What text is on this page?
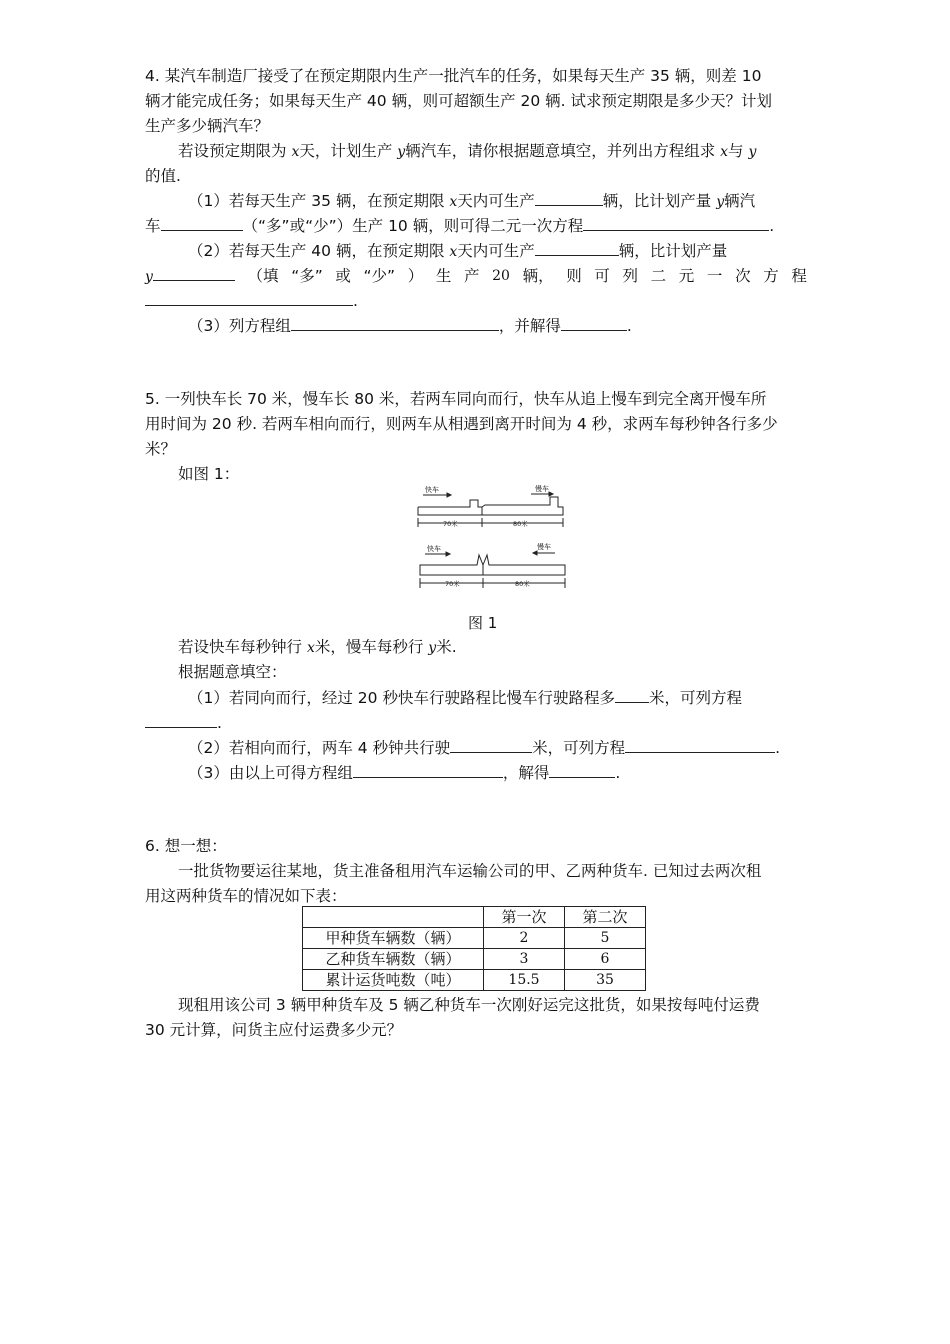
4. 某汽车制造厂接受了在预定期限内生产一批汽车的任务，如果每天生产 35 辆，则差 10
辆才能完成任务；如果每天生产 40 辆，则可超额生产 20 辆. 试求预定期限是多少天？计划
生产多少辆汽车？
若设预定期限为 x天，计划生产 y辆汽车，请你根据题意填空，并列出方程组求 x与 y
的值.
（1）若每天生产 35 辆，在预定期限 x天内可生产	辆，比计划产量 y辆汽
车	（“多”或“少”）生产 10 辆，则可得二元一次方程	.
（2）若每天生产 40 辆，在预定期限 x天内可生产	辆，比计划产量
y	（填 “多” 或 “少” ） 生 产 20 辆， 则 可 列 二 元 一 次 方 程
.
（3）列方程组	，并解得	.
5. 一列快车长 70 米，慢车长 80 米，若两车同向而行，快车从追上慢车到完全离开慢车所
用时间为 20 秒. 若两车相向而行，则两车从相遇到离开时间为 4 秒，求两车每秒钟各行多少
米？
如图 1：
快车	慢车
70米	80米
快车	慢车
70米	80米
图 1
若设快车每秒钟行 x米，慢车每秒行 y米.
根据题意填空：
（1）若同向而行，经过 20 秒快车行驶路程比慢车行驶路程多 米，可列方程
.
（2）若相向而行，两车 4 秒钟共行驶	米，可列方程	.
（3）由以上可得方程组	，解得	.
6. 想一想：
一批货物要运往某地，货主准备租用汽车运输公司的甲、乙两种货车. 已知过去两次租
用这两种货车的情况如下表：
	第一次	第二次
甲种货车辆数（辆）	2	5
乙种货车辆数（辆）	3	6
累计运货吨数（吨）	15.5	35
现租用该公司 3 辆甲种货车及 5 辆乙种货车一次刚好运完这批货，如果按每吨付运费
30 元计算，问货主应付运费多少元？
